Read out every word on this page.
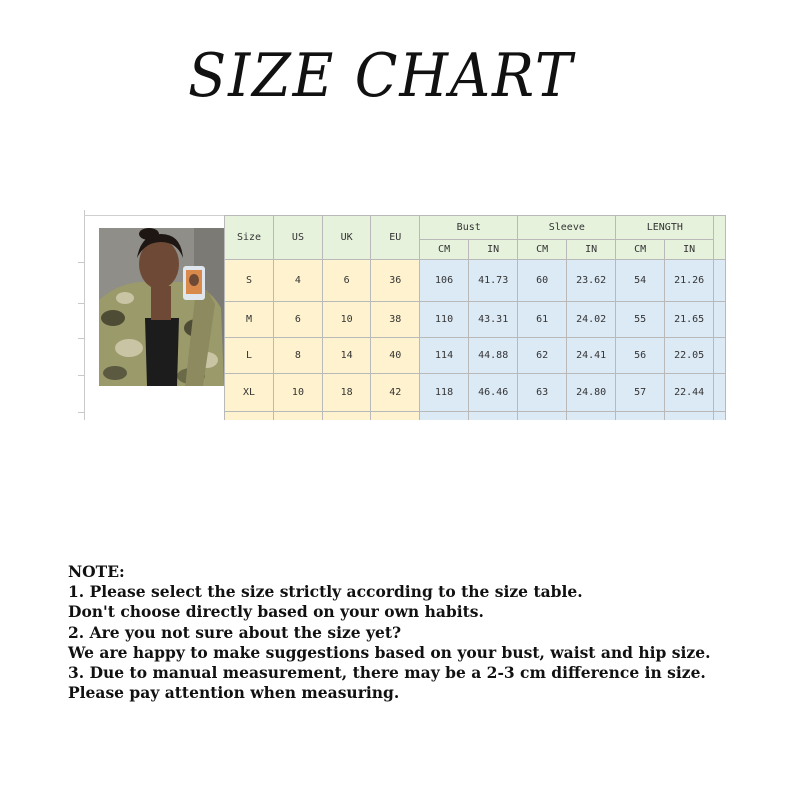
SIZE CHART
Size	US	UK	EU	Bust		Sleeve		LENGTH		
				CM	IN	CM	IN	CM	IN	
S	4	6	36	106	41.73	60	23.62	54	21.26	
M	6	10	38	110	43.31	61	24.02	55	21.65	
L	8	14	40	114	44.88	62	24.41	56	22.05	
XL	10	18	42	118	46.46	63	24.80	57	22.44	

NOTE:
1. Please select the size strictly according to the size table.
Don't choose directly based on your own habits.
2. Are you not sure about the size yet?
We are happy to make suggestions based on your bust, waist and hip size.
3. Due to manual measurement, there may be a 2-3 cm difference in size.
Please pay attention when measuring.
